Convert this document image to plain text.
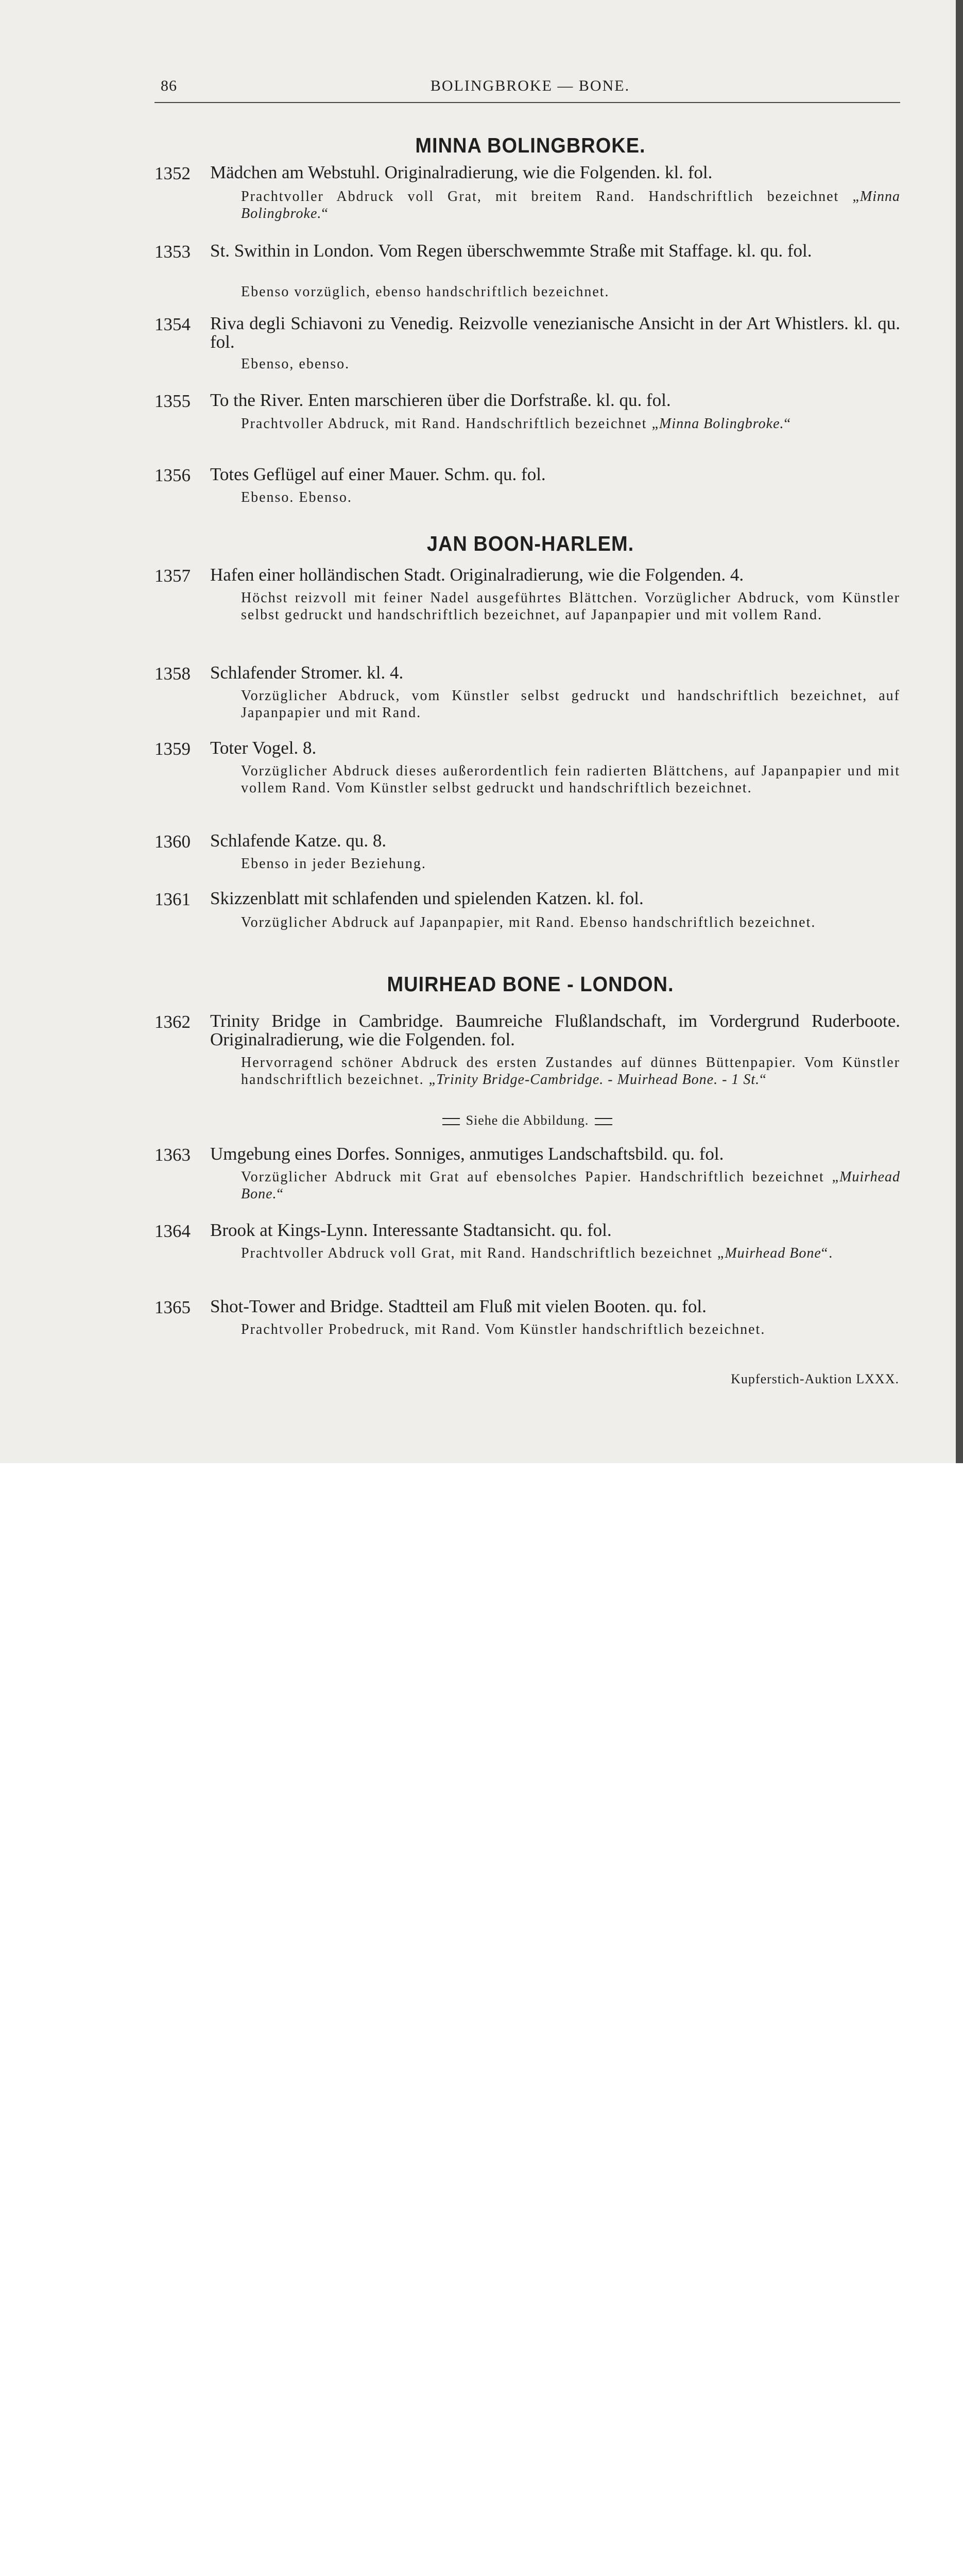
86	BOLINGBROKE — BONE.
MINNA BOLINGBROKE.
1352 Mädchen am Webstuhl. Originalradierung, wie die Folgenden. kl. fol.
Prachtvoller Abdruck voll Grat, mit breitem Rand. Handschriftlich bezeichnet „Minna Bolingbroke.“
1353 St. Swithin in London. Vom Regen überschwemmte Straße mit Staffage. kl. qu. fol.
Ebenso vorzüglich, ebenso handschriftlich bezeichnet.
1354 Riva degli Schiavoni zu Venedig. Reizvolle venezianische Ansicht in der Art Whistlers. kl. qu. fol.
Ebenso, ebenso.
1355 To the River. Enten marschieren über die Dorfstraße. kl. qu. fol.
Prachtvoller Abdruck, mit Rand. Handschriftlich bezeichnet „Minna Bolingbroke.“
1356 Totes Geflügel auf einer Mauer. Schm. qu. fol.
Ebenso. Ebenso.
JAN BOON-HARLEM.
1357 Hafen einer holländischen Stadt. Originalradierung, wie die Folgenden. 4.
Höchst reizvoll mit feiner Nadel ausgeführtes Blättchen. Vorzüglicher Abdruck, vom Künstler selbst gedruckt und handschriftlich bezeichnet, auf Japanpapier und mit vollem Rand.
1358 Schlafender Stromer. kl. 4.
Vorzüglicher Abdruck, vom Künstler selbst gedruckt und handschriftlich bezeichnet, auf Japanpapier und mit Rand.
1359 Toter Vogel. 8.
Vorzüglicher Abdruck dieses außerordentlich fein radierten Blättchens, auf Japanpapier und mit vollem Rand. Vom Künstler selbst gedruckt und handschriftlich bezeichnet.
1360 Schlafende Katze. qu. 8.
Ebenso in jeder Beziehung.
1361 Skizzenblatt mit schlafenden und spielenden Katzen. kl. fol.
Vorzüglicher Abdruck auf Japanpapier, mit Rand. Ebenso handschriftlich bezeichnet.
MUIRHEAD BONE - LONDON.
1362 Trinity Bridge in Cambridge. Baumreiche Flußlandschaft, im Vordergrund Ruderboote. Originalradierung, wie die Folgenden. fol.
Hervorragend schöner Abdruck des ersten Zustandes auf dünnes Büttenpapier. Vom Künstler handschriftlich bezeichnet. „Trinity Bridge-Cambridge. - Muirhead Bone. - 1 St.“
Siehe die Abbildung.
1363 Umgebung eines Dorfes. Sonniges, anmutiges Landschaftsbild. qu. fol.
Vorzüglicher Abdruck mit Grat auf ebensolches Papier. Handschriftlich bezeichnet „Muirhead Bone.“
1364 Brook at Kings-Lynn. Interessante Stadtansicht. qu. fol.
Prachtvoller Abdruck voll Grat, mit Rand. Handschriftlich bezeichnet „Muirhead Bone“.
1365 Shot-Tower and Bridge. Stadtteil am Fluß mit vielen Booten. qu. fol.
Prachtvoller Probedruck, mit Rand. Vom Künstler handschriftlich bezeichnet.
Kupferstich-Auktion LXXX.
